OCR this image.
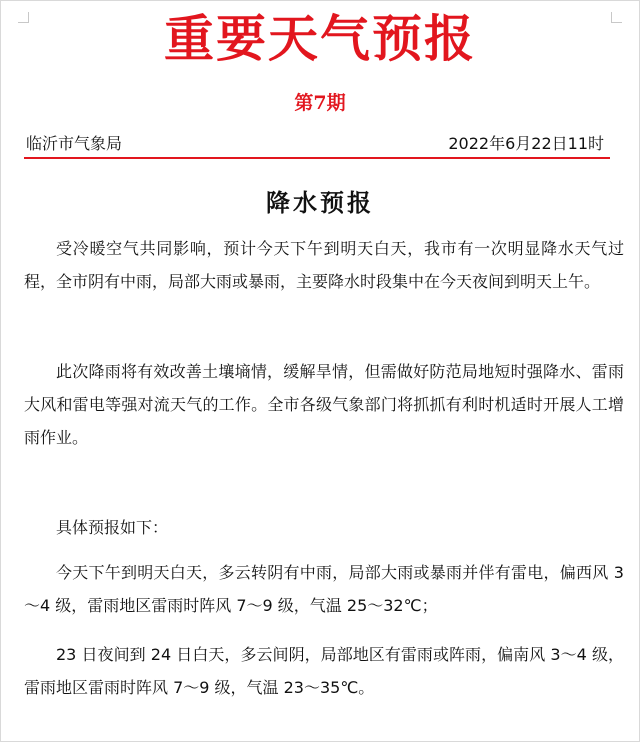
重要天气预报
第7期
临沂市气象局	2022年6月22日11时
降水预报
受冷暖空气共同影响，预计今天下午到明天白天，我市有一次明显降水天气过程，全市阴有中雨，局部大雨或暴雨，主要降水时段集中在今天夜间到明天上午。
此次降雨将有效改善土壤墒情，缓解旱情，但需做好防范局地短时强降水、雷雨大风和雷电等强对流天气的工作。全市各级气象部门将抓抓有利时机适时开展人工增雨作业。
具体预报如下：
今天下午到明天白天，多云转阴有中雨，局部大雨或暴雨并伴有雷电，偏西风 3～4 级，雷雨地区雷雨时阵风 7～9 级，气温 25～32℃；
23 日夜间到 24 日白天，多云间阴，局部地区有雷雨或阵雨，偏南风 3～4 级，雷雨地区雷雨时阵风 7～9 级，气温 23～35℃。
